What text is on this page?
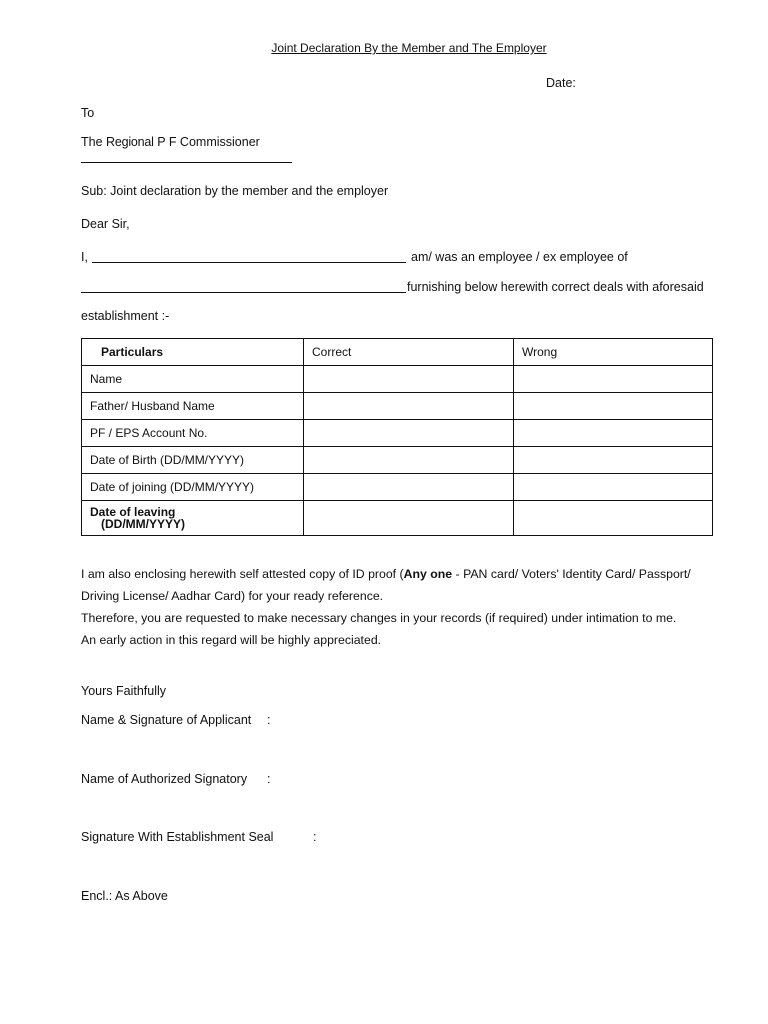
Joint Declaration By the Member and The Employer
Date:
To
The Regional P F Commissioner
Sub: Joint declaration by the member and the employer
Dear Sir,
I,	am/ was an employee / ex employee of
furnishing below herewith correct deals with aforesaid
establishment :-
Particulars	Correct	Wrong
Name		
Father/ Husband Name		
PF / EPS Account No.		
Date of Birth (DD/MM/YYYY)		
Date of joining (DD/MM/YYYY)		

Date of leaving
(DD/MM/YYYY)		

I am also enclosing herewith self attested copy of ID proof (Any one - PAN card/ Voters' Identity Card/ Passport/
Driving License/ Aadhar Card) for your ready reference.
Therefore, you are requested to make necessary changes in your records (if required) under intimation to me.
An early action in this regard will be highly appreciated.
Yours Faithfully
Name & Signature of Applicant :
Name of Authorized Signatory :
Signature With Establishment Seal	:
Encl.: As Above
